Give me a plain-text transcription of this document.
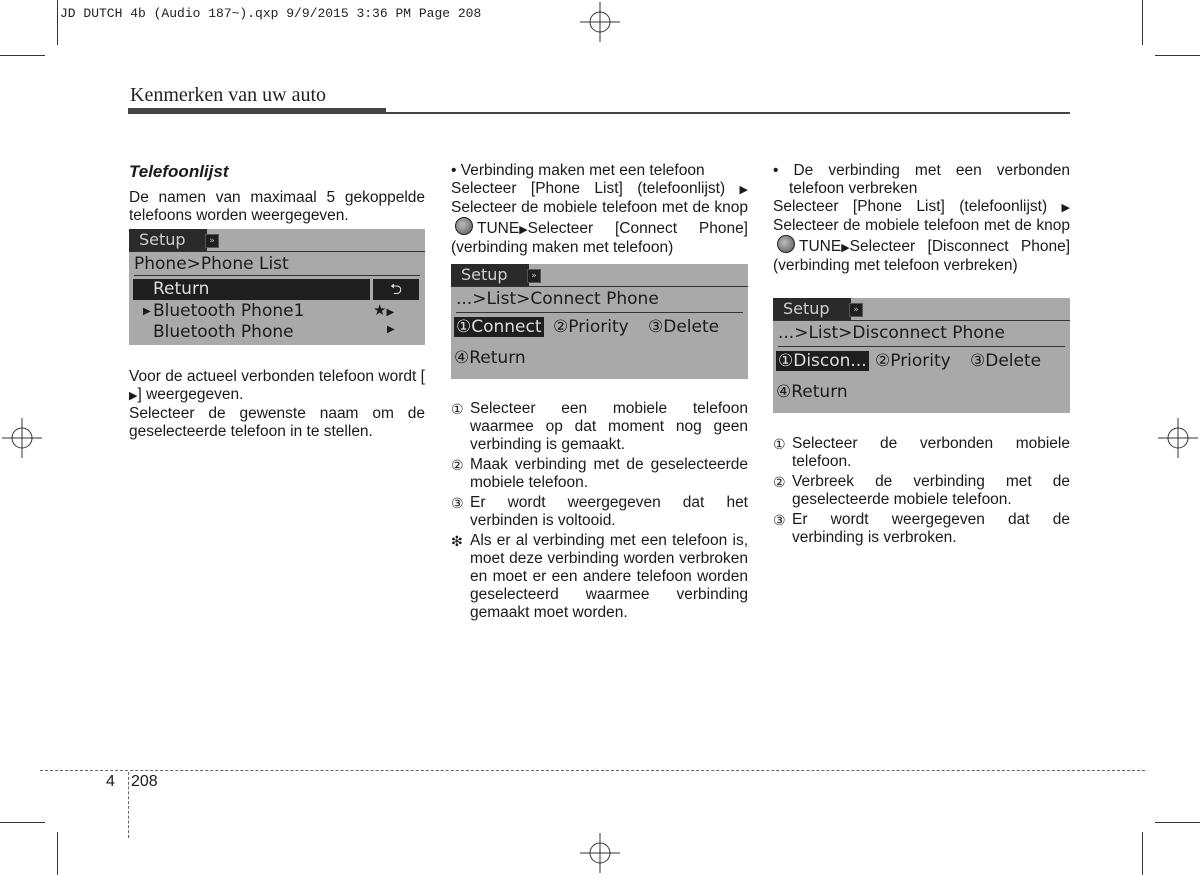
JD DUTCH 4b (Audio 187~).qxp 9/9/2015 3:36 PM Page 208
Kenmerken van uw auto

Telefoonlijst

De namen van maximaal 5 gekoppelde telefoons worden weergegeven.

Setup	»
Phone>Phone List
Return	⮌
▶ Bluetooth Phone1	★▶
Bluetooth Phone	▶

Voor de actueel verbonden telefoon wordt [▶] weergegeven.

Selecteer de gewenste naam om de geselecteerde telefoon in te stellen.

• Verbinding maken met een telefoon

Selecteer [Phone List] (telefoonlijst) ▶ Selecteer de mobiele telefoon met de knopTUNE▶Selecteer [Connect Phone] (verbinding maken met telefoon)

Setup	»
...>List>Connect Phone
①Connect ②Priority ③Delete
④Return
① Selecteer een mobiele telefoon waarmee op dat moment nog geen verbinding is gemaakt.
② Maak verbinding met de geselecteerde mobiele telefoon.
③ Er wordt weergegeven dat het verbinden is voltooid.
❇ Als er al verbinding met een telefoon is, moet deze verbinding worden verbroken en moet er een andere telefoon worden geselecteerd waarmee verbinding gemaakt moet worden.

• De verbinding met een verbonden telefoon verbreken

Selecteer [Phone List] (telefoonlijst) ▶ Selecteer de mobiele telefoon met de knopTUNE▶Selecteer [Disconnect Phone] (verbinding met telefoon verbreken)

Setup	»
...>List>Disconnect Phone
①Discon... ②Priority ③Delete
④Return
① Selecteer de verbonden mobiele telefoon.
② Verbreek de verbinding met de geselecteerde mobiele telefoon.
③ Er wordt weergegeven dat de verbinding is verbroken.
4 208
